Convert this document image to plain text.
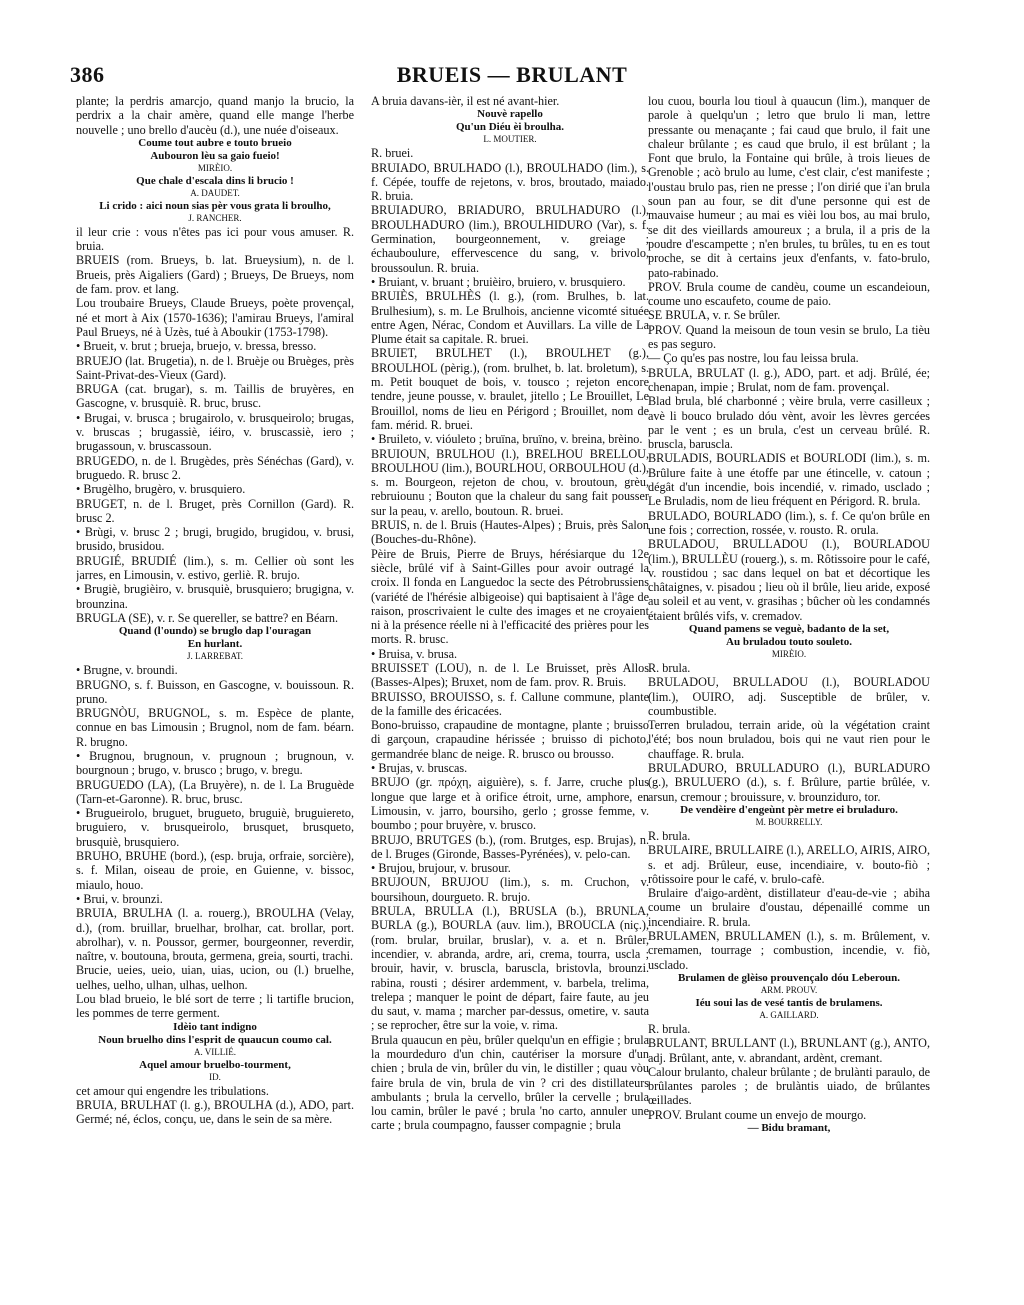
386	BRUEIS — BRULANT

plante; la perdris amarcjo, quand manjo la brucio, la perdrix a la chair amère, quand elle mange l'herbe nouvelle ; uno brello d'aucèu (d.), une nuée d'oiseaux.

Coume tout aubre e touto brueio

Aubouron lèu sa gaio fueio!

MIRÈIO.

Que chale d'escala dins li brucio !

A. DAUDET.

Li crido : aici noun sias pèr vous grata li broulho,

J. RANCHER.

il leur crie : vous n'êtes pas ici pour vous amuser. R. bruia.

BRUEIS (rom. Brueys, b. lat. Brueysium), n. de l. Brueis, près Aigaliers (Gard) ; Brueys, De Brueys, nom de fam. prov. et lang.

Lou troubaire Brueys, Claude Brueys, poète provençal, né et mort à Aix (1570-1636); l'amirau Brueys, l'amiral Paul Brueys, né à Uzès, tué à Aboukir (1753-1798).

• Brueit, v. brut ; brueja, bruejo, v. bressa, bresso.

BRUEJO (lat. Brugetia), n. de l. Bruèje ou Bruèges, près Saint-Privat-des-Vieux (Gard).

BRUGA (cat. brugar), s. m. Taillis de bruyères, en Gascogne, v. brusquiè. R. bruc, brusc.

• Brugai, v. brusca ; brugairolo, v. brusqueirolo; brugas, v. bruscas ; brugassiè, iéiro, v. bruscassiè, iero ; brugassoun, v. bruscassoun.

BRUGEDO, n. de l. Brugèdes, près Sénéchas (Gard), v. bruguedo. R. brusc 2.

• Brugèlho, brugèro, v. brusquiero.

BRUGET, n. de l. Bruget, près Cornillon (Gard). R. brusc 2.

• Brùgi, v. brusc 2 ; brugi, brugido, brugidou, v. brusi, brusido, brusidou.

BRUGIÉ, BRUDIÉ (lim.), s. m. Cellier où sont les jarres, en Limousin, v. estivo, gerliè. R. brujo.

• Brugiè, brugièiro, v. brusquiè, brusquiero; brugigna, v. brounzina.

BRUGLA (SE), v. r. Se quereller, se battre? en Béarn.

Quand (l'oundo) se bruglo dap l'ouragan

En hurlant.

J. LARREBAT.

• Brugne, v. broundi.

BRUGNO, s. f. Buisson, en Gascogne, v. bouissoun. R. pruno.

BRUGNÒU, BRUGNOL, s. m. Espèce de plante, connue en bas Limousin ; Brugnol, nom de fam. béarn. R. brugno.

• Brugnou, brugnoun, v. prugnoun ; brugnoun, v. bourgnoun ; brugo, v. brusco ; brugo, v. bregu.

BRUGUEDO (LA), (La Bruyère), n. de l. La Bruguède (Tarn-et-Garonne). R. bruc, brusc.

• Brugueirolo, bruguet, brugueto, bruguiè, bruguiereto, bruguiero, v. brusqueirolo, brusquet, brusqueto, brusquiè, brusquiero.

BRUHO, BRUHE (bord.), (esp. bruja, orfraie, sorcière), s. f. Milan, oiseau de proie, en Guienne, v. bissoc, miaulo, houo.

• Brui, v. brounzi.

BRUIA, BRULHA (l. a. rouerg.), BROULHA (Velay, d.), (rom. bruillar, bruelhar, brolhar, cat. brollar, port. abrolhar), v. n. Poussor, germer, bourgeonner, reverdir, naître, v. boutouna, brouta, germena, greia, sourti, trachi.

Brucie, ueies, ueio, uian, uias, ucion, ou (l.) bruelhe, uelhes, uelho, ulhan, ulhas, uelhon.

Lou blad brueio, le blé sort de terre ; li tartifle brucion, les pommes de terre germent.

Idèio tant indigno

Noun bruelho dins l'esprit de quaucun coumo cal.

A. VILLIÉ.

Aquel amour bruelbo-tourment,

ID.

cet amour qui engendre les tribulations.

BRUIA, BRULHAT (l. g.), BROULHA (d.), ADO, part. Germé; né, éclos, conçu, ue, dans le sein de sa mère.

A bruia davans-ièr, il est né avant-hier.

Nouvè rapello

Qu'un Diéu èi broulha.

L. MOUTIER.

R. bruei.

BRUIADO, BRULHADO (l.), BROULHADO (lim.), s. f. Cépée, touffe de rejetons, v. bros, broutado, maiado. R. bruia.

BRUIADURO, BRIADURO, BRULHADURO (l.), BROULHADURO (lim.), BROULHIDURO (Var), s. f. Germination, bourgeonnement, v. greiage ; échauboulure, effervescence du sang, v. brivolo, broussoulun. R. bruia.

• Bruiant, v. bruant ; bruièiro, bruiero, v. brusquiero.

BRUIÈS, BRULHÈS (l. g.), (rom. Brulhes, b. lat. Brulhesium), s. m. Le Brulhois, ancienne vicomté située entre Agen, Nérac, Condom et Auvillars. La ville de La Plume était sa capitale. R. bruei.

BRUIET, BRULHET (l.), BROULHET (g.), BROULHOL (pèrig.), (rom. brulhet, b. lat. broletum), s. m. Petit bouquet de bois, v. tousco ; rejeton encore tendre, jeune pousse, v. braulet, jitello ; Le Brouillet, Le Brouillol, noms de lieu en Périgord ; Brouillet, nom de fam. mérid. R. bruei.

• Bruileto, v. vióuleto ; bruïna, bruïno, v. breina, brèino.

BRUIOUN, BRULHOU (l.), BRELHOU BRELLOU, BROULHOU (lim.), BOURLHOU, ORBOULHOU (d.), s. m. Bourgeon, rejeton de chou, v. broutoun, grèu, rebruiounu ; Bouton que la chaleur du sang fait pousser sur la peau, v. arello, boutoun. R. bruei.

BRUIS, n. de l. Bruis (Hautes-Alpes) ; Bruis, près Salon (Bouches-du-Rhône).

Pèire de Bruis, Pierre de Bruys, hérésiarque du 12e siècle, brûlé vif à Saint-Gilles pour avoir outragé la croix. Il fonda en Languedoc la secte des Pétrobrussiens (variété de l'hérésie albigeoise) qui baptisaient à l'âge de raison, proscrivaient le culte des images et ne croyaient ni à la présence réelle ni à l'efficacité des prières pour les morts. R. brusc.

• Bruisa, v. brusa.

BRUISSET (LOU), n. de l. Le Bruisset, près Allos (Basses-Alpes); Bruxet, nom de fam. prov. R. Bruis.

BRUISSO, BROUISSO, s. f. Callune commune, plante de la famille des éricacées.

Bono-bruisso, crapaudine de montagne, plante ; bruisso di garçoun, crapaudine hérissée ; bruisso di pichoto, germandrée blanc de neige. R. brusco ou brousso.

• Brujas, v. bruscas.

BRUJO (gr. πρόχη, aiguière), s. f. Jarre, cruche plus longue que large et à orifice étroit, urne, amphore, en Limousin, v. jarro, boursiho, gerlo ; grosse femme, v. boumbo ; pour bruyère, v. brusco.

BRUJO, BRUTGES (b.), (rom. Brutges, esp. Brujas), n. de l. Bruges (Gironde, Basses-Pyrénées), v. pelo-can.

• Brujou, brujour, v. brusour.

BRUJOUN, BRUJOU (lim.), s. m. Cruchon, v. boursihoun, dourgueto. R. brujo.

BRULA, BRULLA (l.), BRUSLA (b.), BRUNLA, BURLA (g.), BOURLA (auv. lim.), BROUCLA (niç.), (rom. brular, bruilar, bruslar), v. a. et n. Brûler, incendier, v. abranda, ardre, ari, crema, tourra, uscla ; brouir, havir, v. bruscla, baruscla, bristovla, brounzi. rabina, rousti ; désirer ardemment, v. barbela, trelima, trelepa ; manquer le point de départ, faire faute, au jeu du saut, v. mama ; marcher par-dessus, ometire, v. sauta ; se reprocher, être sur la voie, v. rima.

Brula quaucun en pèu, brûler quelqu'un en effigie ; brula la mourdeduro d'un chin, cautériser la morsure d'un chien ; brula de vin, brûler du vin, le distiller ; quau vòu faire brula de vin, brula de vin ? cri des distillateurs ambulants ; brula la cervello, brûler la cervelle ; brula lou camin, brûler le pavé ; brula 'no carto, annuler une carte ; brula coumpagno, fausser compagnie ; brula

lou cuou, bourla lou tioul à quaucun (lim.), manquer de parole à quelqu'un ; letro que brulo li man, lettre pressante ou menaçante ; fai caud que brulo, il fait une chaleur brûlante ; es caud que brulo, il est brûlant ; la Font que brulo, la Fontaine qui brûle, à trois lieues de Grenoble ; acò brulo au lume, c'est clair, c'est manifeste ; l'oustau brulo pas, rien ne presse ; l'on dirié que i'an brula soun pan au four, se dit d'une personne qui est de mauvaise humeur ; au mai es vièi lou bos, au mai brulo, se dit des vieillards amoureux ; a brula, il a pris de la poudre d'escampette ; n'en brules, tu brûles, tu en es tout proche, se dit à certains jeux d'enfants, v. fato-brulo, pato-rabinado.

PROV. Brula coume de candèu, coume un escandeioun, coume uno escaufeto, coume de paio.

SE BRULA, v. r. Se brûler.

PROV. Quand la meisoun de toun vesin se brulo, La tièu es pas seguro.

— Ço qu'es pas nostre, lou fau leissa brula.

BRULA, BRULAT (l. g.), ADO, part. et adj. Brûlé, ée; chenapan, impie ; Brulat, nom de fam. provençal.

Blad brula, blé charbonné ; vèire brula, verre casilleux ; avè li bouco brulado dóu vènt, avoir les lèvres gercées par le vent ; es un brula, c'est un cerveau brûlé. R. bruscla, baruscla.

BRULADIS, BOURLADIS et BOURLODI (lim.), s. m. Brûlure faite à une étoffe par une étincelle, v. catoun ; dégât d'un incendie, bois incendié, v. rimado, usclado ; Le Bruladis, nom de lieu fréquent en Périgord. R. brula.

BRULADO, BOURLADO (lim.), s. f. Ce qu'on brûle en une fois ; correction, rossée, v. rousto. R. orula.

BRULADOU, BRULLADOU (l.), BOURLADOU (lim.), BRULLÈU (rouerg.), s. m. Rôtissoire pour le café, v. roustidou ; sac dans lequel on bat et décortique les châtaignes, v. pisadou ; lieu où il brûle, lieu aride, exposé au soleil et au vent, v. grasihas ; bûcher où les condamnés étaient brûlés vifs, v. cremadov.

Quand pamens se veguè, badanto de la set,

Au bruladou touto souleto.

MIRÈIO.

R. brula.

BRULADOU, BRULLADOU (l.), BOURLADOU (lim.), OUIRO, adj. Susceptible de brûler, v. coumbustible.

Terren bruladou, terrain aride, où la végétation craint l'été; bos noun bruladou, bois qui ne vaut rien pour le chauffage. R. brula.

BRULADURO, BRULLADURO (l.), BURLADURO (g.), BRULUERO (d.), s. f. Brûlure, partie brûlée, v. arsun, cremour ; brouissure, v. brounziduro, tor.

De vendèire d'engeùnt pèr metre ei bruladuro.

M. BOURRELLY.

R. brula.

BRULAIRE, BRULLAIRE (l.), ARELLO, AIRIS, AIRO, s. et adj. Brûleur, euse, incendiaire, v. bouto-fiò ; rôtissoire pour le café, v. brulo-cafè.

Brulaire d'aigo-ardènt, distillateur d'eau-de-vie ; abiha coume un brulaire d'oustau, dépenaillé comme un incendiaire. R. brula.

BRULAMEN, BRULLAMEN (l.), s. m. Brûlement, v. cremamen, tourrage ; combustion, incendie, v. fiò, usclado.

Brulamen de glèiso prouvençalo dóu Leberoun.

ARM. PROUV.

Iéu soui las de vesé tantis de brulamens.

A. GAILLARD.

R. brula.

BRULANT, BRULLANT (l.), BRUNLANT (g.), ANTO, adj. Brûlant, ante, v. abrandant, ardènt, cremant.

Calour brulanto, chaleur brûlante ; de brulànti paraulo, de brûlantes paroles ; de brulàntis uiado, de brûlantes œillades.

PROV. Brulant coume un envejo de mourgo.

— Bidu bramant,
